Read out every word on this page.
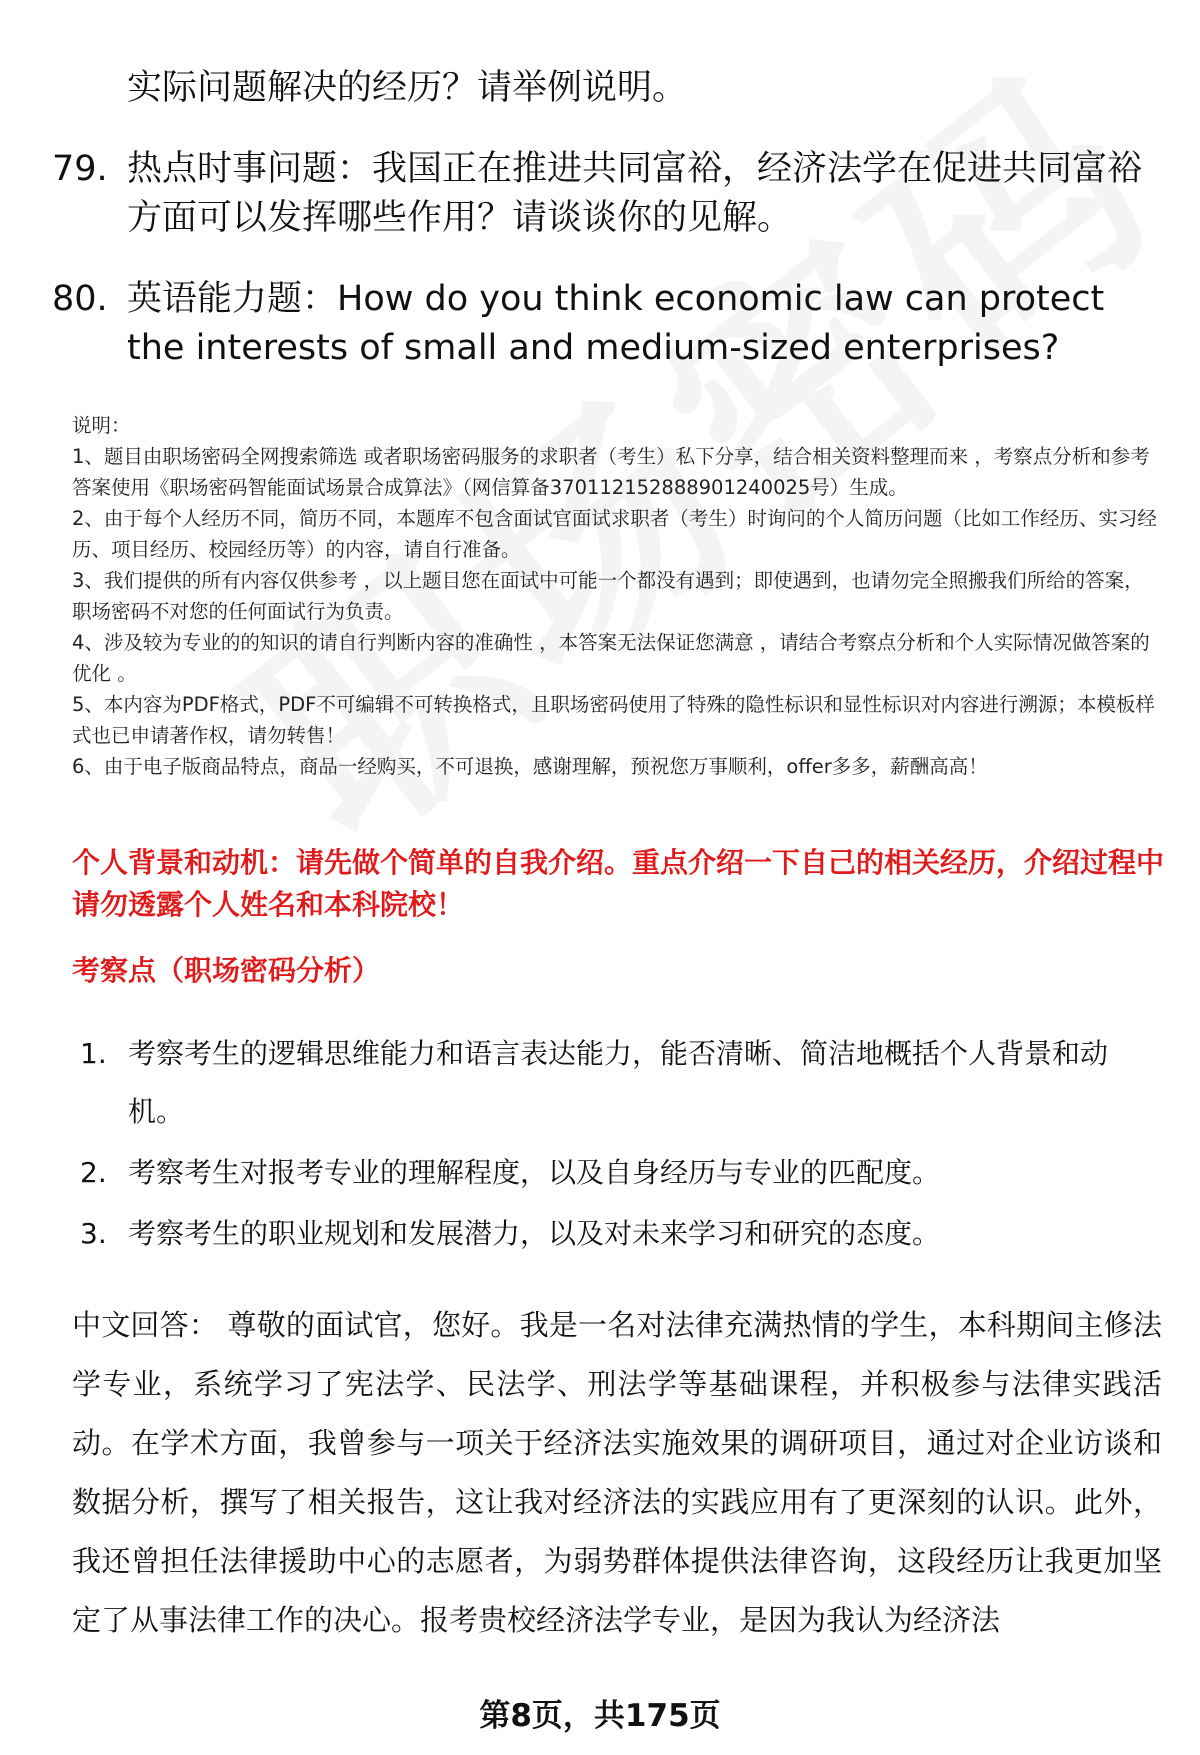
实际问题解决的经历？请举例说明。

79. 热点时事问题：我国正在推进共同富裕，经济法学在促进共同富裕方面可以发挥哪些作用？请谈谈你的见解。
80. 英语能力题：How do you think economic law can protect the interests of small and medium-sized enterprises?

说明：

1、题目由职场密码全网搜索筛选 或者职场密码服务的求职者（考生）私下分享，结合相关资料整理而来 ，考察点分析和参考答案使用《职场密码智能面试场景合成算法》（网信算备370112152888901240025号）生成。

2、由于每个人经历不同，简历不同，本题库不包含面试官面试求职者（考生）时询问的个人简历问题（比如工作经历、实习经历、项目经历、校园经历等）的内容，请自行准备。

3、我们提供的所有内容仅供参考 ，以上题目您在面试中可能一个都没有遇到；即使遇到，也请勿完全照搬我们所给的答案，职场密码不对您的任何面试行为负责。

4、涉及较为专业的的知识的请自行判断内容的准确性 ，本答案无法保证您满意 ，请结合考察点分析和个人实际情况做答案的优化 。

5、本内容为PDF格式，PDF不可编辑不可转换格式，且职场密码使用了特殊的隐性标识和显性标识对内容进行溯源；本模板样式也已申请著作权，请勿转售！

6、由于电子版商品特点，商品一经购买，不可退换，感谢理解，预祝您万事顺利，offer多多，薪酬高高！

个人背景和动机：请先做个简单的自我介绍。重点介绍一下自己的相关经历，介绍过程中请勿透露个人姓名和本科院校！

考察点（职场密码分析）

1. 考察考生的逻辑思维能力和语言表达能力，能否清晰、简洁地概括个人背景和动机。
2. 考察考生对报考专业的理解程度，以及自身经历与专业的匹配度。
3. 考察考生的职业规划和发展潜力，以及对未来学习和研究的态度。

中文回答： 尊敬的面试官，您好。我是一名对法律充满热情的学生，本科期间主修法学专业，系统学习了宪法学、民法学、刑法学等基础课程，并积极参与法律实践活动。在学术方面，我曾参与一项关于经济法实施效果的调研项目，通过对企业访谈和数据分析，撰写了相关报告，这让我对经济法的实践应用有了更深刻的认识。此外，我还曾担任法律援助中心的志愿者，为弱势群体提供法律咨询，这段经历让我更加坚定了从事法律工作的决心。报考贵校经济法学专业，是因为我认为经济法

第8页，共175页
